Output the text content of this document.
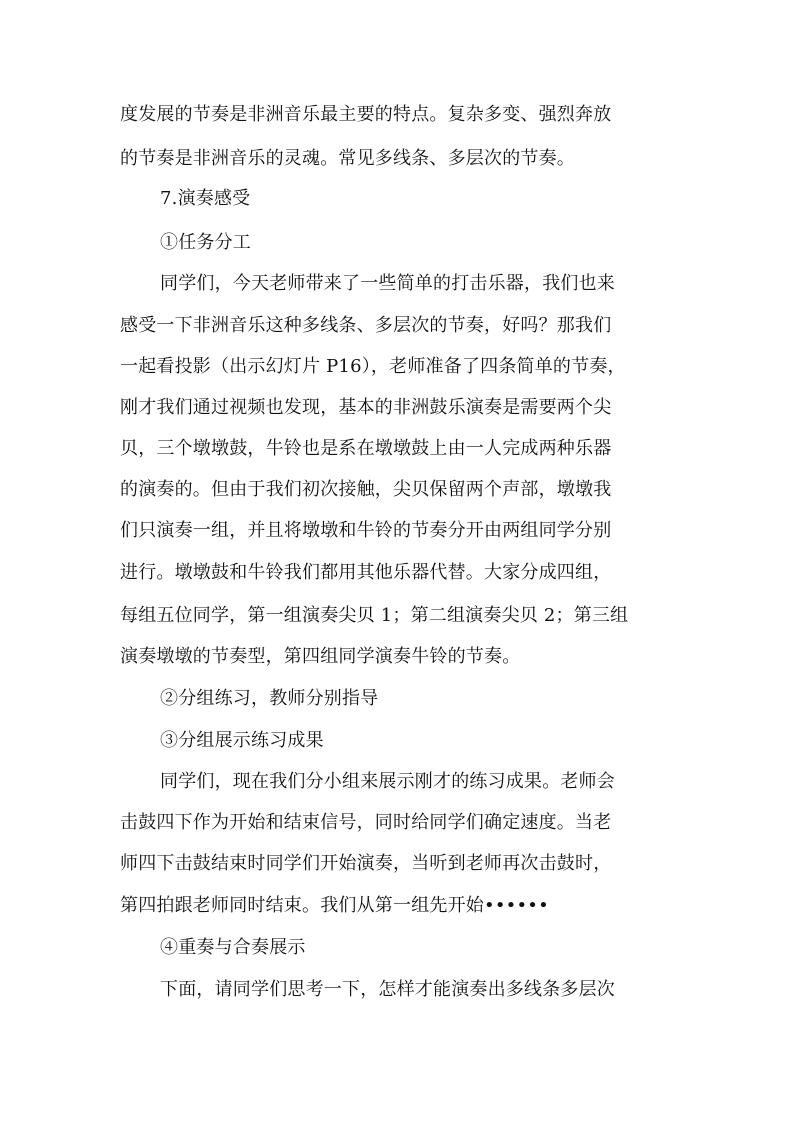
度发展的节奏是非洲音乐最主要的特点。复杂多变、强烈奔放

的节奏是非洲音乐的灵魂。常见多线条、多层次的节奏。

7.演奏感受

①任务分工

同学们，今天老师带来了一些简单的打击乐器，我们也来

感受一下非洲音乐这种多线条、多层次的节奏，好吗？那我们

一起看投影（出示幻灯片 P16），老师准备了四条简单的节奏，

刚才我们通过视频也发现，基本的非洲鼓乐演奏是需要两个尖

贝，三个墩墩鼓，牛铃也是系在墩墩鼓上由一人完成两种乐器

的演奏的。但由于我们初次接触，尖贝保留两个声部，墩墩我

们只演奏一组，并且将墩墩和牛铃的节奏分开由两组同学分别

进行。墩墩鼓和牛铃我们都用其他乐器代替。大家分成四组，

每组五位同学，第一组演奏尖贝 1；第二组演奏尖贝 2；第三组

演奏墩墩的节奏型，第四组同学演奏牛铃的节奏。

②分组练习，教师分别指导

③分组展示练习成果

同学们，现在我们分小组来展示刚才的练习成果。老师会

击鼓四下作为开始和结束信号，同时给同学们确定速度。当老

师四下击鼓结束时同学们开始演奏，当听到老师再次击鼓时，

第四拍跟老师同时结束。我们从第一组先开始••••••

④重奏与合奏展示

下面，请同学们思考一下，怎样才能演奏出多线条多层次
